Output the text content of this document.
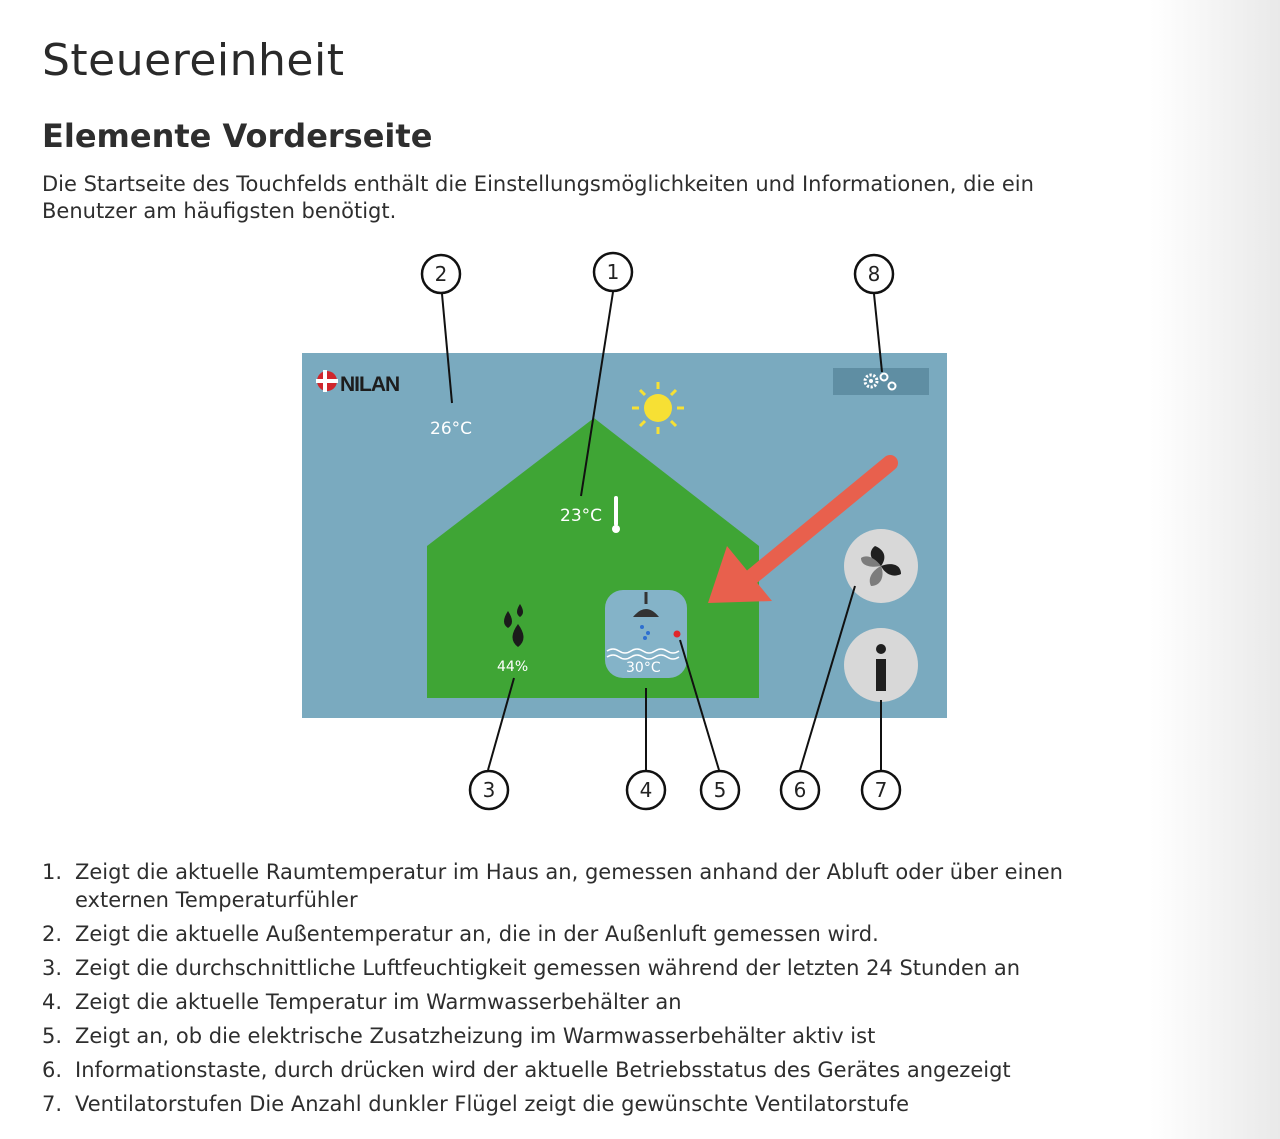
Steuereinheit
Elemente Vorderseite

Die Startseite des Touchfelds enthält die Einstellungsmöglichkeiten und Informationen, die ein Benutzer am häufigsten benötigt.

NILAN
26°C
23°C
44%	30°C
1
2	8
3	4	5	6	7
1. Zeigt die aktuelle Raumtemperatur im Haus an, gemessen anhand der Abluft oder über einen externen Temperaturfühler
2. Zeigt die aktuelle Außentemperatur an, die in der Außenluft gemessen wird.
3. Zeigt die durchschnittliche Luftfeuchtigkeit gemessen während der letzten 24 Stunden an
4. Zeigt die aktuelle Temperatur im Warmwasserbehälter an
5. Zeigt an, ob die elektrische Zusatzheizung im Warmwasserbehälter aktiv ist
6. Informationstaste, durch drücken wird der aktuelle Betriebsstatus des Gerätes angezeigt
7. Ventilatorstufen Die Anzahl dunkler Flügel zeigt die gewünschte Ventilatorstufe
